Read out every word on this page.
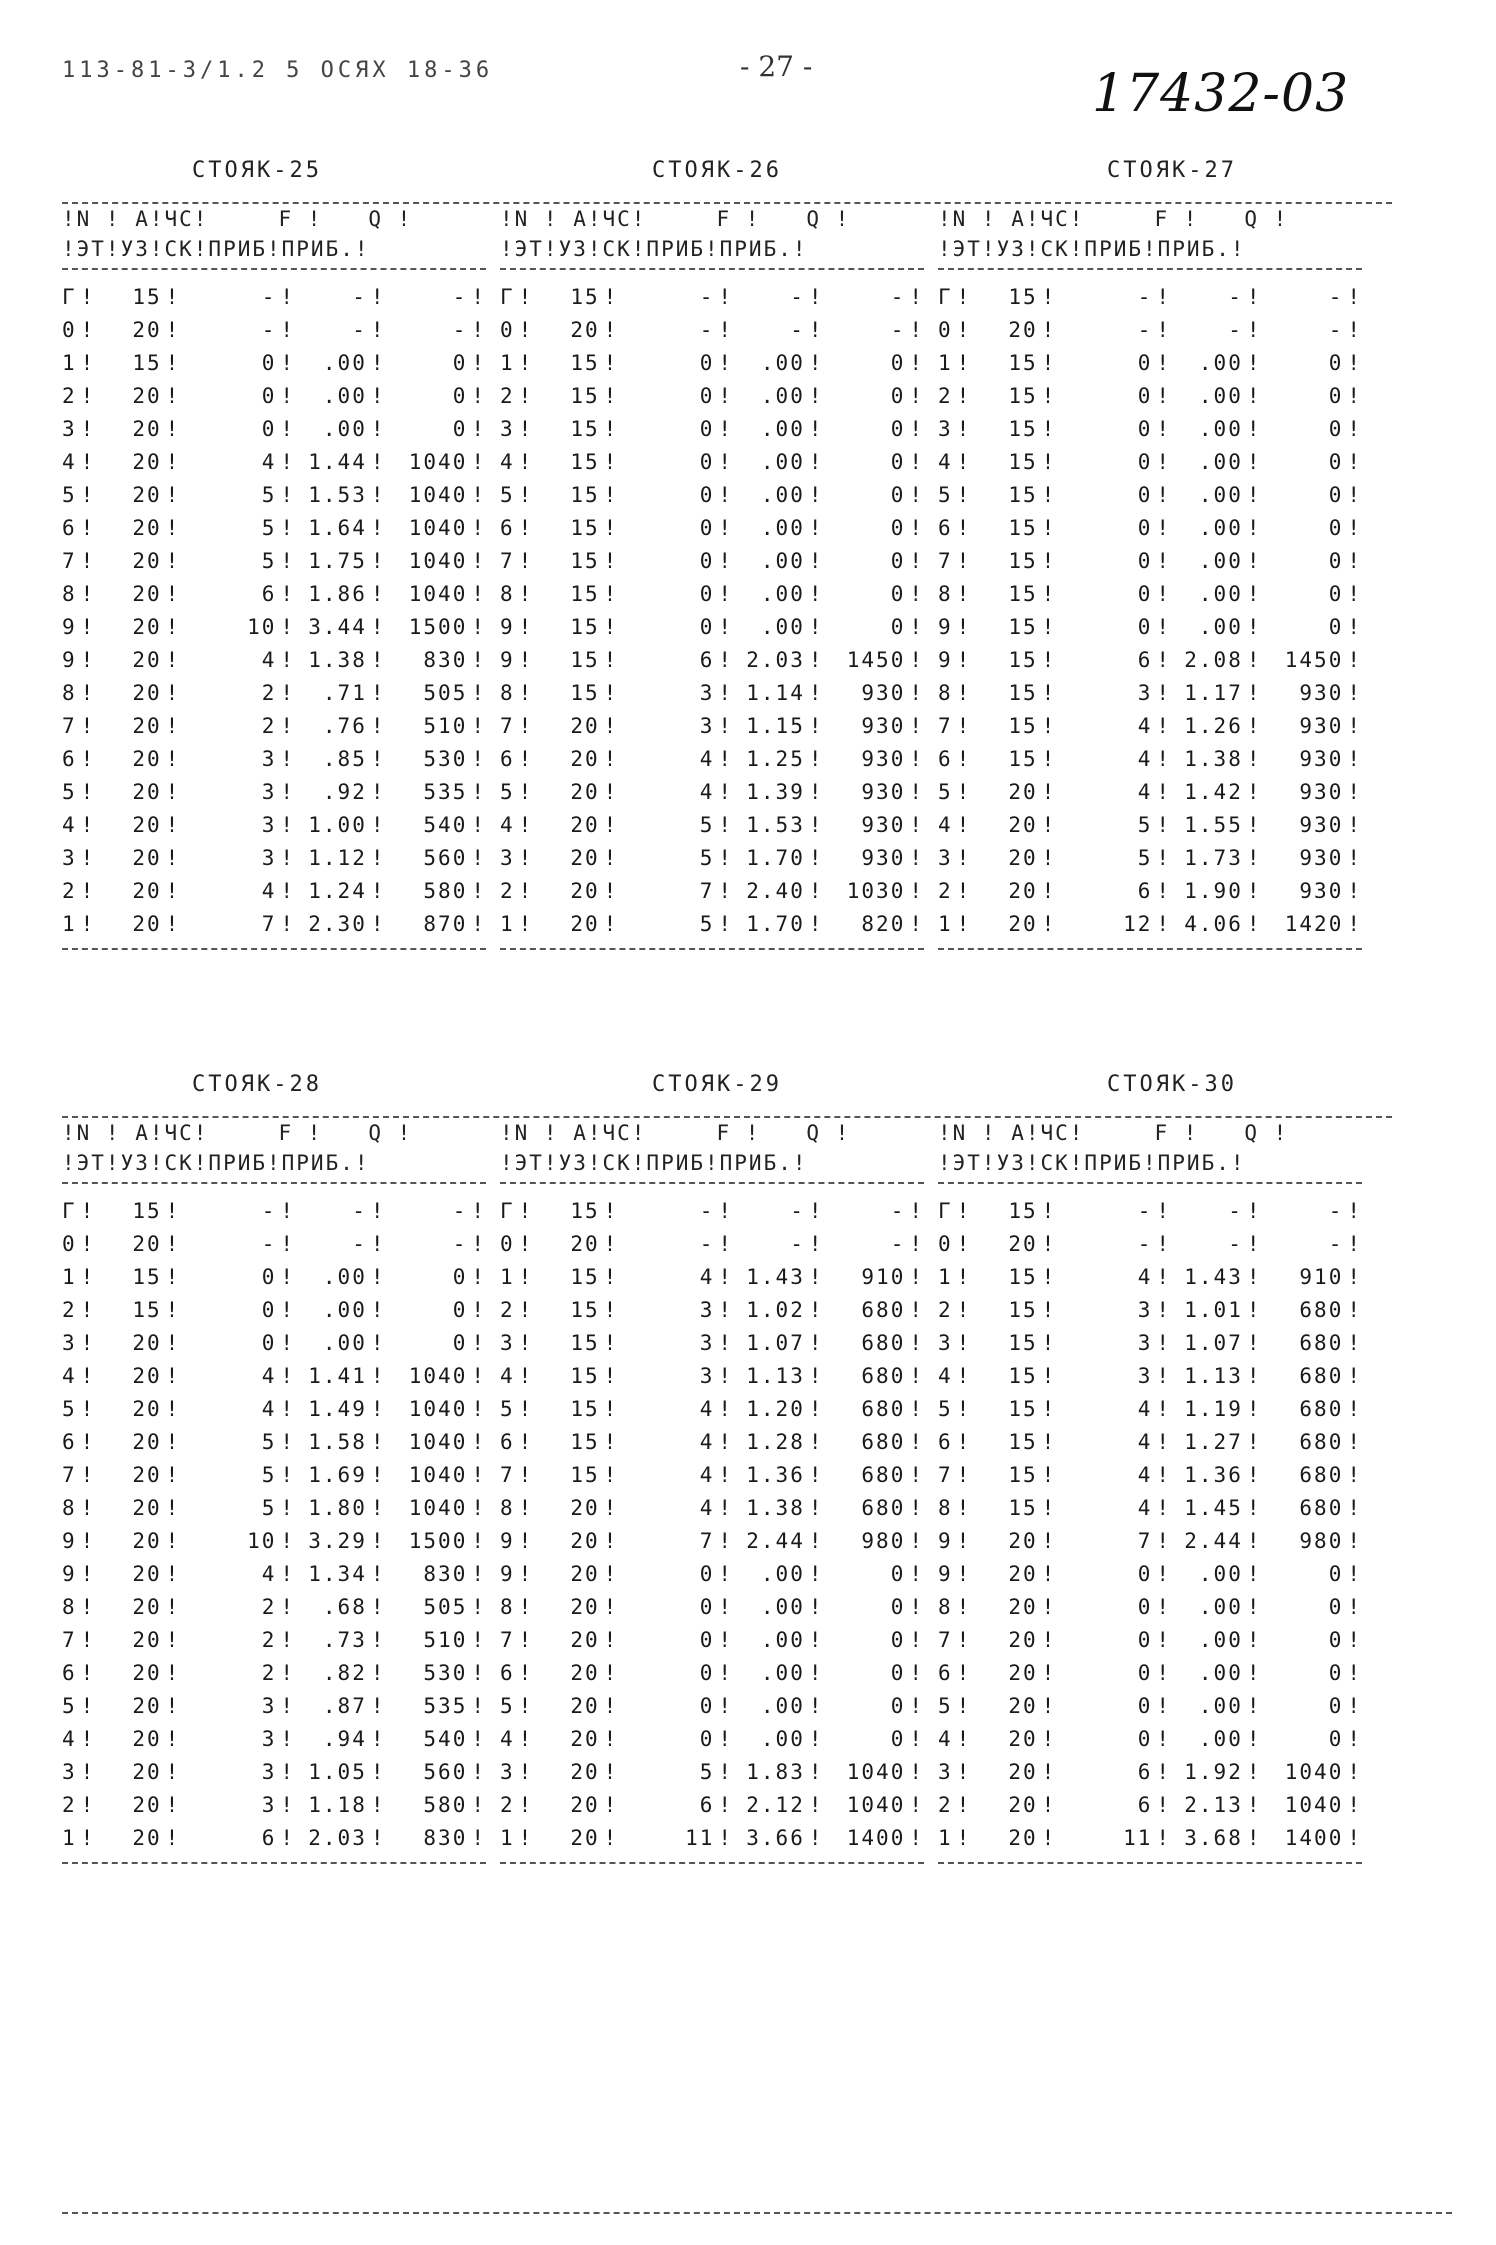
113-81-3/1.2 5 ОСЯХ 18-36	- 27 -	17432-03
СТОЯК-25	СТОЯК-26	СТОЯК-27
!N ! А!ЧС!	F ! Q !
!ЭТ!УЗ!СК!ПРИБ!ПРИБ.!
Г !	15 !	- !	- !	- !
0 !	20 !	- !	- !	- !
1 !	15 !	0 !	.00 !	0 !
2 !	20 !	0 !	.00 !	0 !
3 !	20 !	0 !	.00 !	0 !
4 !	20 !	4 !	1.44 !	1040 !
5 !	20 !	5 !	1.53 !	1040 !
6 !	20 !	5 !	1.64 !	1040 !
7 !	20 !	5 !	1.75 !	1040 !
8 !	20 !	6 !	1.86 !	1040 !
9 !	20 !	10 !	3.44 !	1500 !
9 !	20 !	4 !	1.38 !	830 !
8 !	20 !	2 !	.71 !	505 !
7 !	20 !	2 !	.76 !	510 !
6 !	20 !	3 !	.85 !	530 !
5 !	20 !	3 !	.92 !	535 !
4 !	20 !	3 !	1.00 !	540 !
3 !	20 !	3 !	1.12 !	560 !
2 !	20 !	4 !	1.24 !	580 !
1 !	20 !	7 !	2.30 !	870 !
!N ! А!ЧС!	F ! Q !
!ЭТ!УЗ!СК!ПРИБ!ПРИБ.!
Г !	15 !	- !	- !	- !
0 !	20 !	- !	- !	- !
1 !	15 !	0 !	.00 !	0 !
2 !	15 !	0 !	.00 !	0 !
3 !	15 !	0 !	.00 !	0 !
4 !	15 !	0 !	.00 !	0 !
5 !	15 !	0 !	.00 !	0 !
6 !	15 !	0 !	.00 !	0 !
7 !	15 !	0 !	.00 !	0 !
8 !	15 !	0 !	.00 !	0 !
9 !	15 !	0 !	.00 !	0 !
9 !	15 !	6 !	2.03 !	1450 !
8 !	15 !	3 !	1.14 !	930 !
7 !	20 !	3 !	1.15 !	930 !
6 !	20 !	4 !	1.25 !	930 !
5 !	20 !	4 !	1.39 !	930 !
4 !	20 !	5 !	1.53 !	930 !
3 !	20 !	5 !	1.70 !	930 !
2 !	20 !	7 !	2.40 !	1030 !
1 !	20 !	5 !	1.70 !	820 !
!N ! А!ЧС!	F ! Q !
!ЭТ!УЗ!СК!ПРИБ!ПРИБ.!
Г !	15 !	- !	- !	- !
0 !	20 !	- !	- !	- !
1 !	15 !	0 !	.00 !	0 !
2 !	15 !	0 !	.00 !	0 !
3 !	15 !	0 !	.00 !	0 !
4 !	15 !	0 !	.00 !	0 !
5 !	15 !	0 !	.00 !	0 !
6 !	15 !	0 !	.00 !	0 !
7 !	15 !	0 !	.00 !	0 !
8 !	15 !	0 !	.00 !	0 !
9 !	15 !	0 !	.00 !	0 !
9 !	15 !	6 !	2.08 !	1450 !
8 !	15 !	3 !	1.17 !	930 !
7 !	15 !	4 !	1.26 !	930 !
6 !	15 !	4 !	1.38 !	930 !
5 !	20 !	4 !	1.42 !	930 !
4 !	20 !	5 !	1.55 !	930 !
3 !	20 !	5 !	1.73 !	930 !
2 !	20 !	6 !	1.90 !	930 !
1 !	20 !	12 !	4.06 !	1420 !
СТОЯК-28	СТОЯК-29	СТОЯК-30
!N ! А!ЧС!	F ! Q !
!ЭТ!УЗ!СК!ПРИБ!ПРИБ.!
Г !	15 !	- !	- !	- !
0 !	20 !	- !	- !	- !
1 !	15 !	0 !	.00 !	0 !
2 !	15 !	0 !	.00 !	0 !
3 !	20 !	0 !	.00 !	0 !
4 !	20 !	4 !	1.41 !	1040 !
5 !	20 !	4 !	1.49 !	1040 !
6 !	20 !	5 !	1.58 !	1040 !
7 !	20 !	5 !	1.69 !	1040 !
8 !	20 !	5 !	1.80 !	1040 !
9 !	20 !	10 !	3.29 !	1500 !
9 !	20 !	4 !	1.34 !	830 !
8 !	20 !	2 !	.68 !	505 !
7 !	20 !	2 !	.73 !	510 !
6 !	20 !	2 !	.82 !	530 !
5 !	20 !	3 !	.87 !	535 !
4 !	20 !	3 !	.94 !	540 !
3 !	20 !	3 !	1.05 !	560 !
2 !	20 !	3 !	1.18 !	580 !
1 !	20 !	6 !	2.03 !	830 !
!N ! А!ЧС!	F ! Q !
!ЭТ!УЗ!СК!ПРИБ!ПРИБ.!
Г !	15 !	- !	- !	- !
0 !	20 !	- !	- !	- !
1 !	15 !	4 !	1.43 !	910 !
2 !	15 !	3 !	1.02 !	680 !
3 !	15 !	3 !	1.07 !	680 !
4 !	15 !	3 !	1.13 !	680 !
5 !	15 !	4 !	1.20 !	680 !
6 !	15 !	4 !	1.28 !	680 !
7 !	15 !	4 !	1.36 !	680 !
8 !	20 !	4 !	1.38 !	680 !
9 !	20 !	7 !	2.44 !	980 !
9 !	20 !	0 !	.00 !	0 !
8 !	20 !	0 !	.00 !	0 !
7 !	20 !	0 !	.00 !	0 !
6 !	20 !	0 !	.00 !	0 !
5 !	20 !	0 !	.00 !	0 !
4 !	20 !	0 !	.00 !	0 !
3 !	20 !	5 !	1.83 !	1040 !
2 !	20 !	6 !	2.12 !	1040 !
1 !	20 !	11 !	3.66 !	1400 !
!N ! А!ЧС!	F ! Q !
!ЭТ!УЗ!СК!ПРИБ!ПРИБ.!
Г !	15 !	- !	- !	- !
0 !	20 !	- !	- !	- !
1 !	15 !	4 !	1.43 !	910 !
2 !	15 !	3 !	1.01 !	680 !
3 !	15 !	3 !	1.07 !	680 !
4 !	15 !	3 !	1.13 !	680 !
5 !	15 !	4 !	1.19 !	680 !
6 !	15 !	4 !	1.27 !	680 !
7 !	15 !	4 !	1.36 !	680 !
8 !	15 !	4 !	1.45 !	680 !
9 !	20 !	7 !	2.44 !	980 !
9 !	20 !	0 !	.00 !	0 !
8 !	20 !	0 !	.00 !	0 !
7 !	20 !	0 !	.00 !	0 !
6 !	20 !	0 !	.00 !	0 !
5 !	20 !	0 !	.00 !	0 !
4 !	20 !	0 !	.00 !	0 !
3 !	20 !	6 !	1.92 !	1040 !
2 !	20 !	6 !	2.13 !	1040 !
1 !	20 !	11 !	3.68 !	1400 !
